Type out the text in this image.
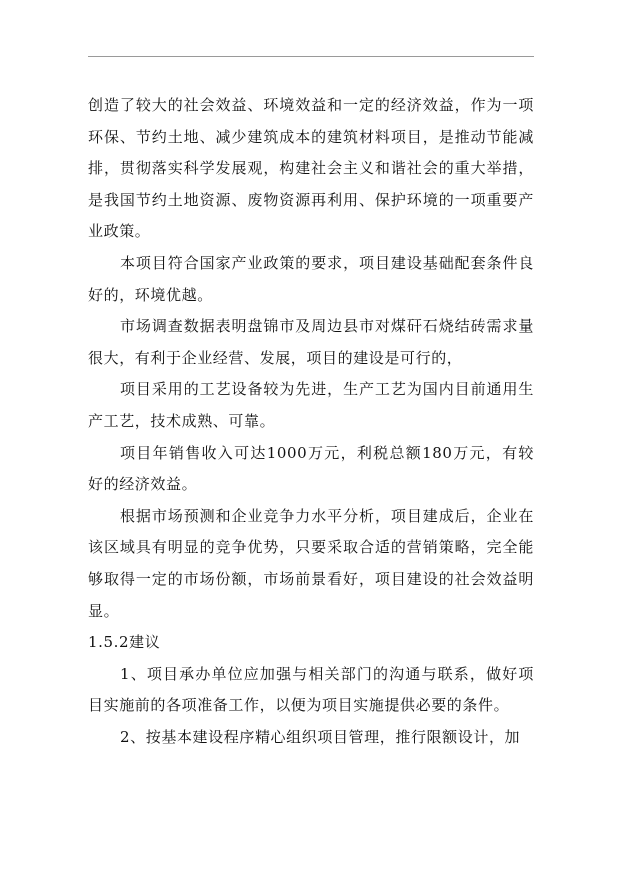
创造了较大的社会效益、环境效益和一定的经济效益，作为一项环保、节约土地、减少建筑成本的建筑材料项目，是推动节能减排，贯彻落实科学发展观，构建社会主义和谐社会的重大举措，是我国节约土地资源、废物资源再利用、保护环境的一项重要产业政策。

本项目符合国家产业政策的要求，项目建设基础配套条件良好的，环境优越。

市场调查数据表明盘锦市及周边县市对煤矸石烧结砖需求量很大，有利于企业经营、发展，项目的建设是可行的，

项目采用的工艺设备较为先进，生产工艺为国内目前通用生产工艺，技术成熟、可靠。

项目年销售收入可达1000万元，利税总额180万元，有较好的经济效益。

根据市场预测和企业竞争力水平分析，项目建成后，企业在该区域具有明显的竞争优势，只要采取合适的营销策略，完全能够取得一定的市场份额，市场前景看好，项目建设的社会效益明显。

1.5.2建议

1、项目承办单位应加强与相关部门的沟通与联系，做好项目实施前的各项准备工作，以便为项目实施提供必要的条件。

2、按基本建设程序精心组织项目管理，推行限额设计，加
